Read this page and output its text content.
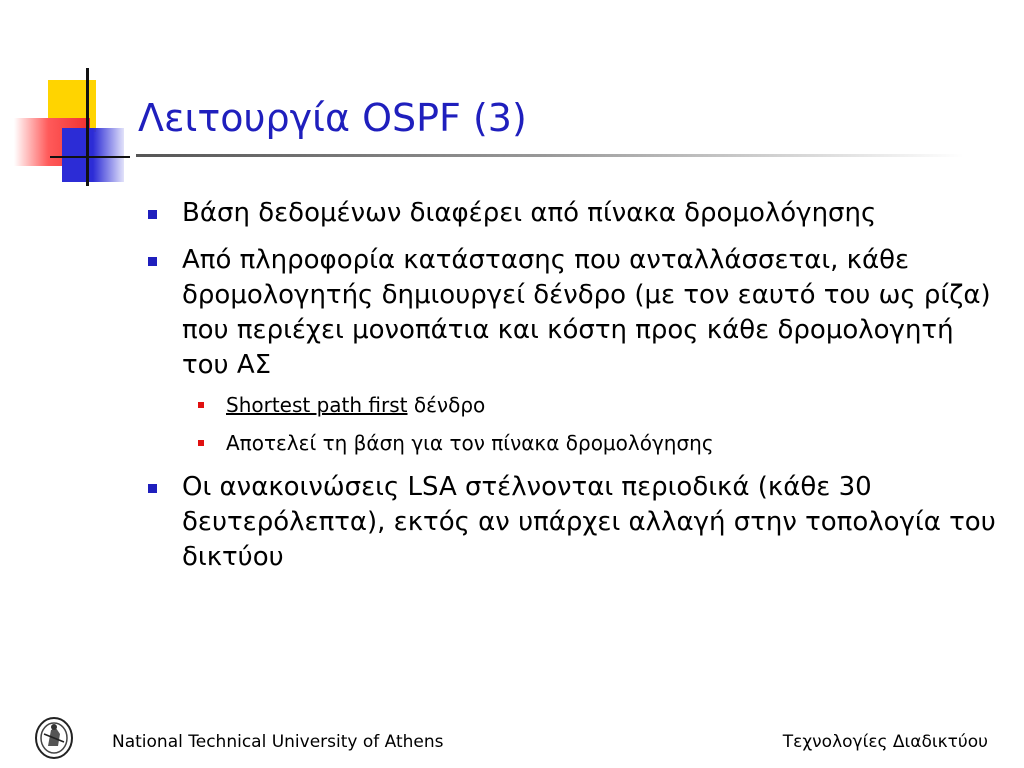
Λειτουργία OSPF (3)
Βάση δεδομένων διαφέρει από πίνακα δρομολόγησης
Από πληροφορία κατάστασης που ανταλλάσσεται, κάθε δρομολογητής δημιουργεί δένδρο (με τον εαυτό του ως ρίζα) που περιέχει μονοπάτια και κόστη προς κάθε δρομολογητή του ΑΣ
Shortest path first δένδρο
Αποτελεί τη βάση για τον πίνακα δρομολόγησης
Οι ανακοινώσεις LSA στέλνονται περιοδικά (κάθε 30 δευτερόλεπτα), εκτός αν υπάρχει αλλαγή στην τοπολογία του δικτύου
National Technical University of Athens	Τεχνολογίες Διαδικτύου
